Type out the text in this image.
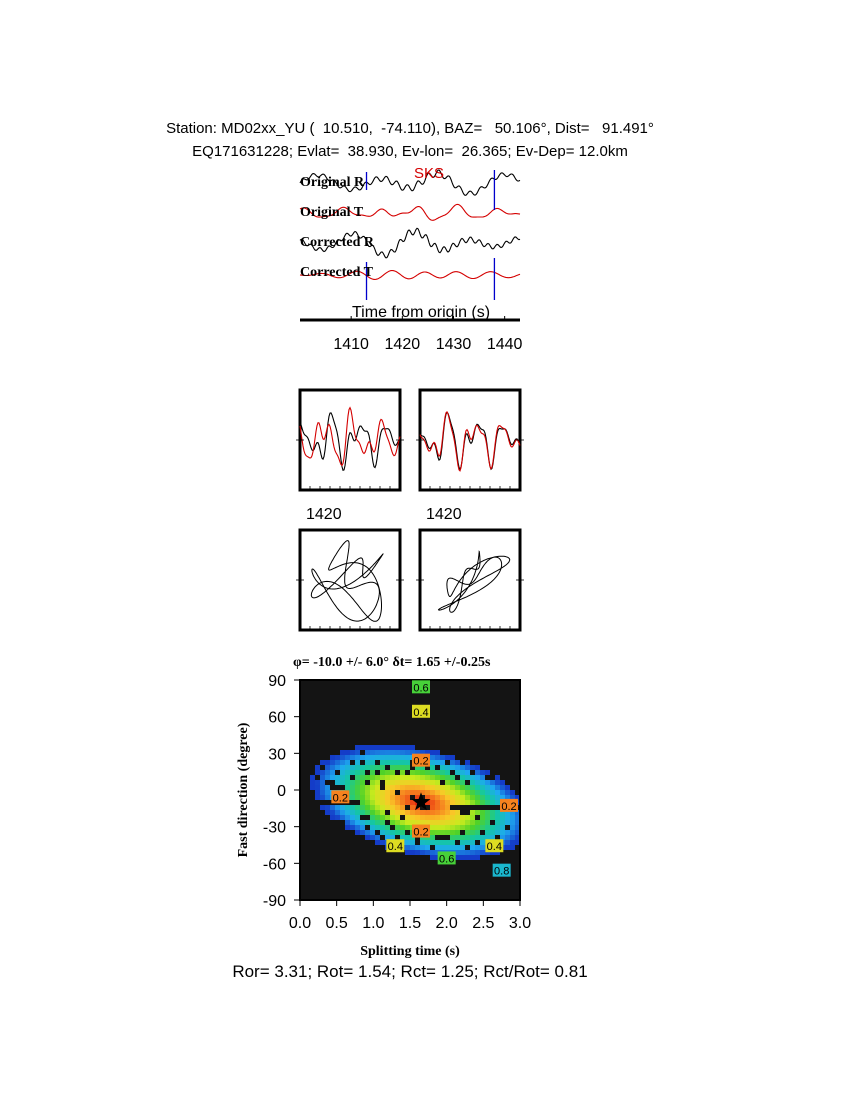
Station: MD02xx_YU (  10.510,  -74.110), BAZ=   50.106°, Dist=   91.491°
EQ171631228; Evlat=  38.930, Ev-lon=  26.365; Ev-Dep= 12.0km
Original R
Original T
Corrected R
Corrected T
SKS
Time from origin (s)
1410 1420 1430 1440
1420	1420
φ= -10.0 +/- 6.0° δt= 1.65 +/-0.25s
0.0 0.5 1.0 1.5 2.0 2.5 3.0
90
60
30
0
-30
-60
-90
0.6
0.4
0.2
0.2
0.2
0.2
0.4
0.6
0.4
0.8
Splitting time (s)
Fast direction (degree)
Ror= 3.31; Rot= 1.54; Rct= 1.25; Rct/Rot= 0.81
